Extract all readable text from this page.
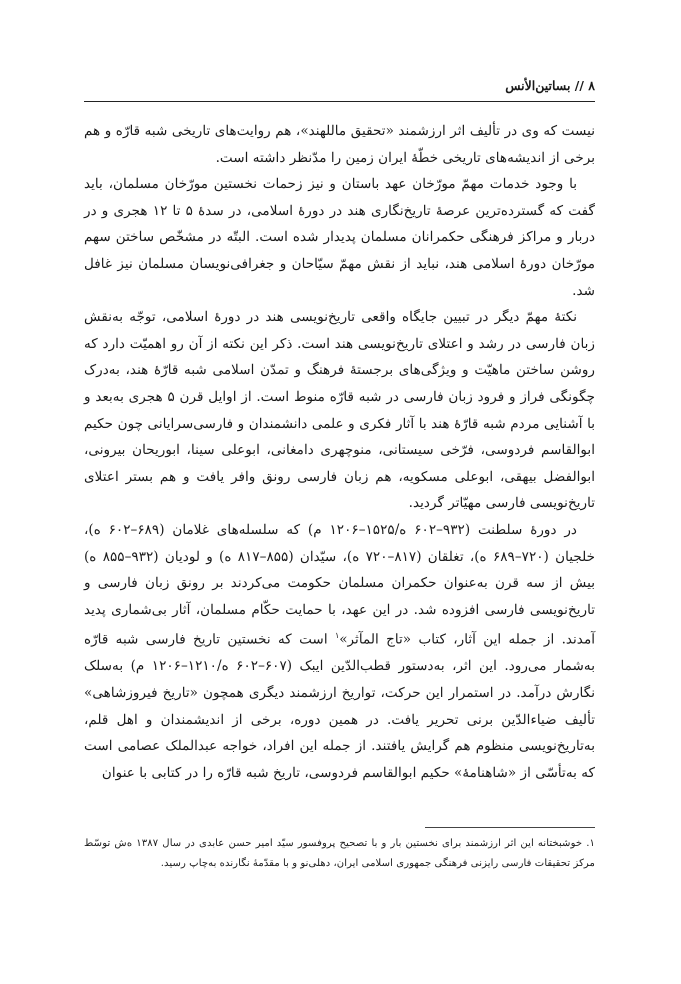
۸ // بساتین‌الأنس

نیست که وی در تألیف اثر ارزشمند «تحقیق ماللهند»، هم روایت‌های تاریخی شبه قارّه و هم برخی از اندیشه‌های تاریخی خطّهٔ ایران زمین را مدّنظر داشته است.

با وجود خدمات مهمّ مورّخان عهد باستان و نیز زحمات نخستین مورّخان مسلمان، باید گفت که گسترده‌ترین عرصهٔ تاریخ‌نگاری هند در دورهٔ اسلامی، در سدهٔ ۵ تا ۱۲ هجری و در دربار و مراکز فرهنگی حکمرانان مسلمان پدیدار شده است. البتّه در مشخّص ساختن سهم مورّخان دورهٔ اسلامی هند، نباید از نقش مهمّ سیّاحان و جغرافی‌نویسان مسلمان نیز غافل شد.

نکتهٔ مهمّ دیگر در تبیین جایگاه واقعی تاریخ‌نویسی هند در دورهٔ اسلامی، توجّه به‌نقش زبان فارسی در رشد و اعتلای تاریخ‌نویسی هند است. ذکر این نکته از آن رو اهمیّت دارد که روشن ساختن ماهیّت و ویژگی‌های برجستهٔ فرهنگ و تمدّن اسلامی شبه قارّهٔ هند، به‌درک چگونگی فراز و فرود زبان فارسی در شبه قارّه منوط است. از اوایل قرن ۵ هجری به‌بعد و با آشنایی مردم شبه قارّهٔ هند با آثار فکری و علمی دانشمندان و فارسی‌سرایانی چون حکیم ابوالقاسم فردوسی، فرّخی سیستانی، منوچهری دامغانی، ابوعلی سینا، ابوریحان بیرونی، ابوالفضل بیهقی، ابوعلی مسکویه، هم زبان فارسی رونق وافر یافت و هم بستر اعتلای تاریخ‌نویسی فارسی مهیّاتر گردید.

در دورهٔ سلطنت (۹۳۲–۶۰۲ ه/۱۵۲۵–۱۲۰۶ م) که سلسله‌های غلامان (۶۸۹–۶۰۲ ه)، خلجیان (۷۲۰–۶۸۹ ه)، تغلقان (۸۱۷–۷۲۰ ه)، سیّدان (۸۵۵–۸۱۷ ه) و لودیان (۹۳۲–۸۵۵ ه) بیش از سه قرن به‌عنوان حکمران مسلمان حکومت می‌کردند بر رونق زبان فارسی و تاریخ‌نویسی فارسی افزوده شد. در این عهد، با حمایت حکّام مسلمان، آثار بی‌شماری پدید آمدند. از جمله این آثار، کتاب «تاج المآثر»$^۱$ است که نخستین تاریخ فارسی شبه قارّه به‌شمار می‌رود. این اثر، به‌دستور قطب‌الدّین ایبک (۶۰۷–۶۰۲ ه/۱۲۱۰–۱۲۰۶ م) به‌سلک نگارش درآمد. در استمرار این حرکت، تواریخ ارزشمند دیگری همچون «تاریخ فیروزشاهی» تألیف ضیاءالدّین برنی تحریر یافت. در همین دوره، برخی از اندیشمندان و اهل قلم، به‌تاریخ‌نویسی منظوم هم گرایش یافتند. از جمله این افراد، خواجه عبدالملک عصامی است که به‌تأسّی از «شاهنامهٔ» حکیم ابوالقاسم فردوسی، تاریخ شبه قارّه را در کتابی با عنوان

۱. خوشبختانه این اثر ارزشمند برای نخستین بار و با تصحیح پروفسور سیّد امیر حسن عابدی در سال ۱۳۸۷ ه‌ش توسّط مرکز تحقیقات فارسی رایزنی فرهنگی جمهوری اسلامی ایران، دهلی‌نو و با مقدّمهٔ نگارنده به‌چاپ رسید.
